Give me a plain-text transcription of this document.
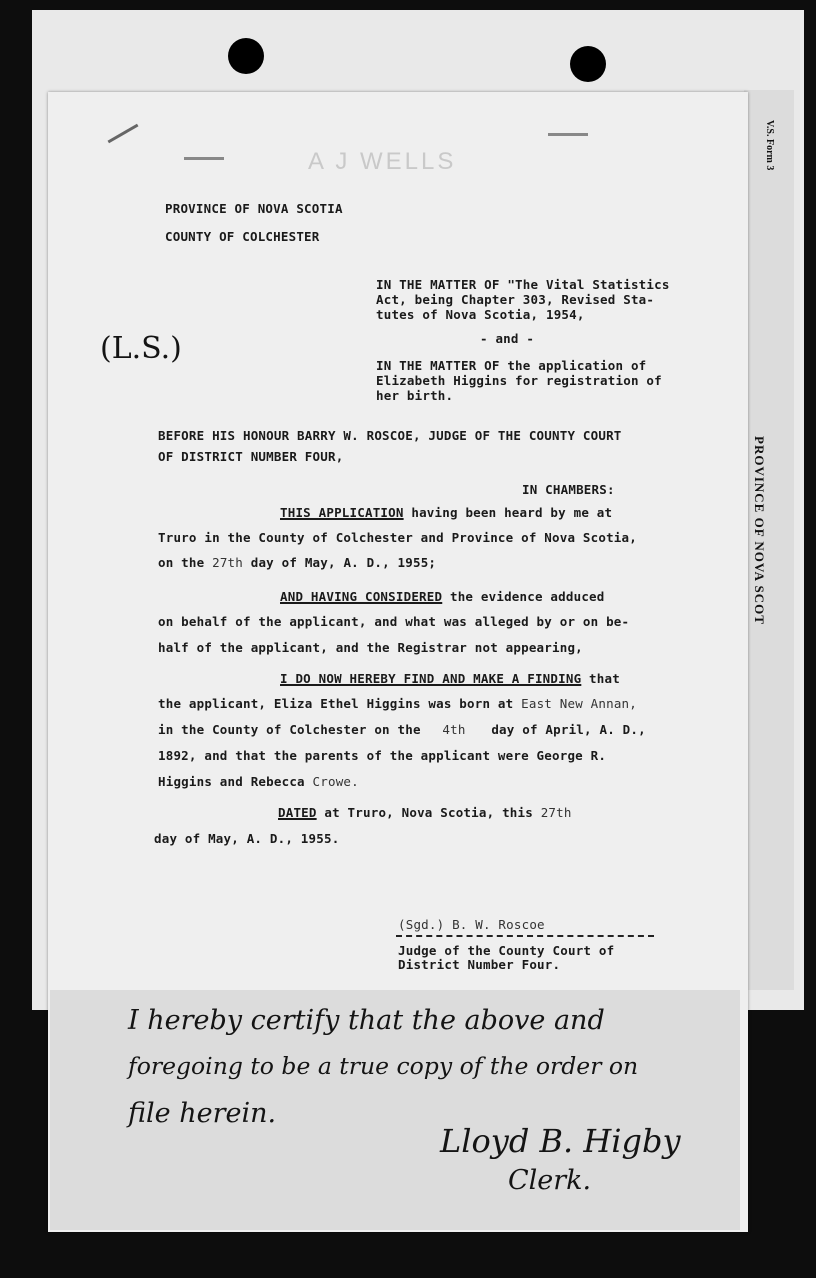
V.S. Form 3
PROVINCE OF NOVA SCOT
A J WELLS
PROVINCE OF NOVA SCOTIA
COUNTY OF COLCHESTER
IN THE MATTER OF "The Vital Statistics
Act, being Chapter 303, Revised Sta-
tutes of Nova Scotia, 1954,
- and -
IN THE MATTER OF the application of
Elizabeth Higgins for registration of
her birth.
(L.S.)
BEFORE HIS HONOUR BARRY W. ROSCOE, JUDGE OF THE COUNTY COURT
OF DISTRICT NUMBER FOUR,
IN CHAMBERS:
THIS APPLICATION having been heard by me at
Truro in the County of Colchester and Province of Nova Scotia,
on the 27th day of May, A. D., 1955;
AND HAVING CONSIDERED the evidence adduced
on behalf of the applicant, and what was alleged by or on be-
half of the applicant, and the Registrar not appearing,
I DO NOW HEREBY FIND AND MAKE A FINDING that
the applicant, Eliza Ethel Higgins was born at East New Annan,
in the County of Colchester on the 4th day of April, A. D.,
1892, and that the parents of the applicant were George R.
Higgins and Rebecca Crowe.
DATED at Truro, Nova Scotia, this 27th
day of May, A. D., 1955.
(Sgd.) B. W. Roscoe
Judge of the County Court of
District Number Four.
I hereby certify that the above and
foregoing to be a true copy of the order on
file herein.
Lloyd B. Higby
Clerk.
